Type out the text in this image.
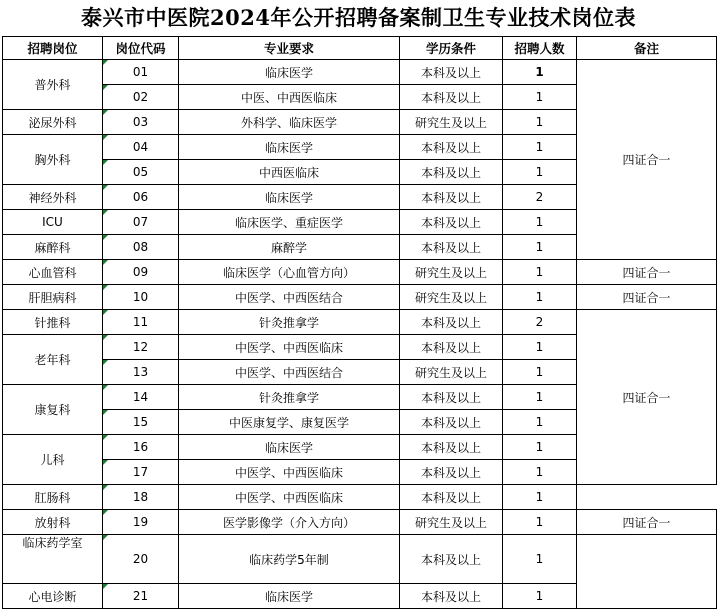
泰兴市中医院2024年公开招聘备案制卫生专业技术岗位表
招聘岗位	岗位代码	专业要求	学历条件	招聘人数	备注
普外科	01	临床医学	本科及以上	1	四证合一
	02	中医、中西医临床	本科及以上	1	
泌尿外科	03	外科学、临床医学	研究生及以上	1	
胸外科	04	临床医学	本科及以上	1	
	05	中西医临床	本科及以上	1	
神经外科	06	临床医学	本科及以上	2	
ICU	07	临床医学、重症医学	本科及以上	1	
麻醉科	08	麻醉学	本科及以上	1	
心血管科	09	临床医学（心血管方向）	研究生及以上	1	四证合一
肝胆病科	10	中医学、中西医结合	研究生及以上	1	四证合一
针推科	11	针灸推拿学	本科及以上	2	四证合一
老年科	12	中医学、中西医临床	本科及以上	1	
	13	中医学、中西医结合	研究生及以上	1	
康复科	14	针灸推拿学	本科及以上	1	
	15	中医康复学、康复医学	本科及以上	1	
儿科	16	临床医学	本科及以上	1	
	17	中医学、中西医临床	本科及以上	1	
肛肠科	18	中医学、中西医临床	本科及以上	1	
放射科	19	医学影像学（介入方向）	研究生及以上	1	四证合一
临床药学室	20	临床药学5年制	本科及以上	1	
心电诊断	21	临床医学	本科及以上	1	
